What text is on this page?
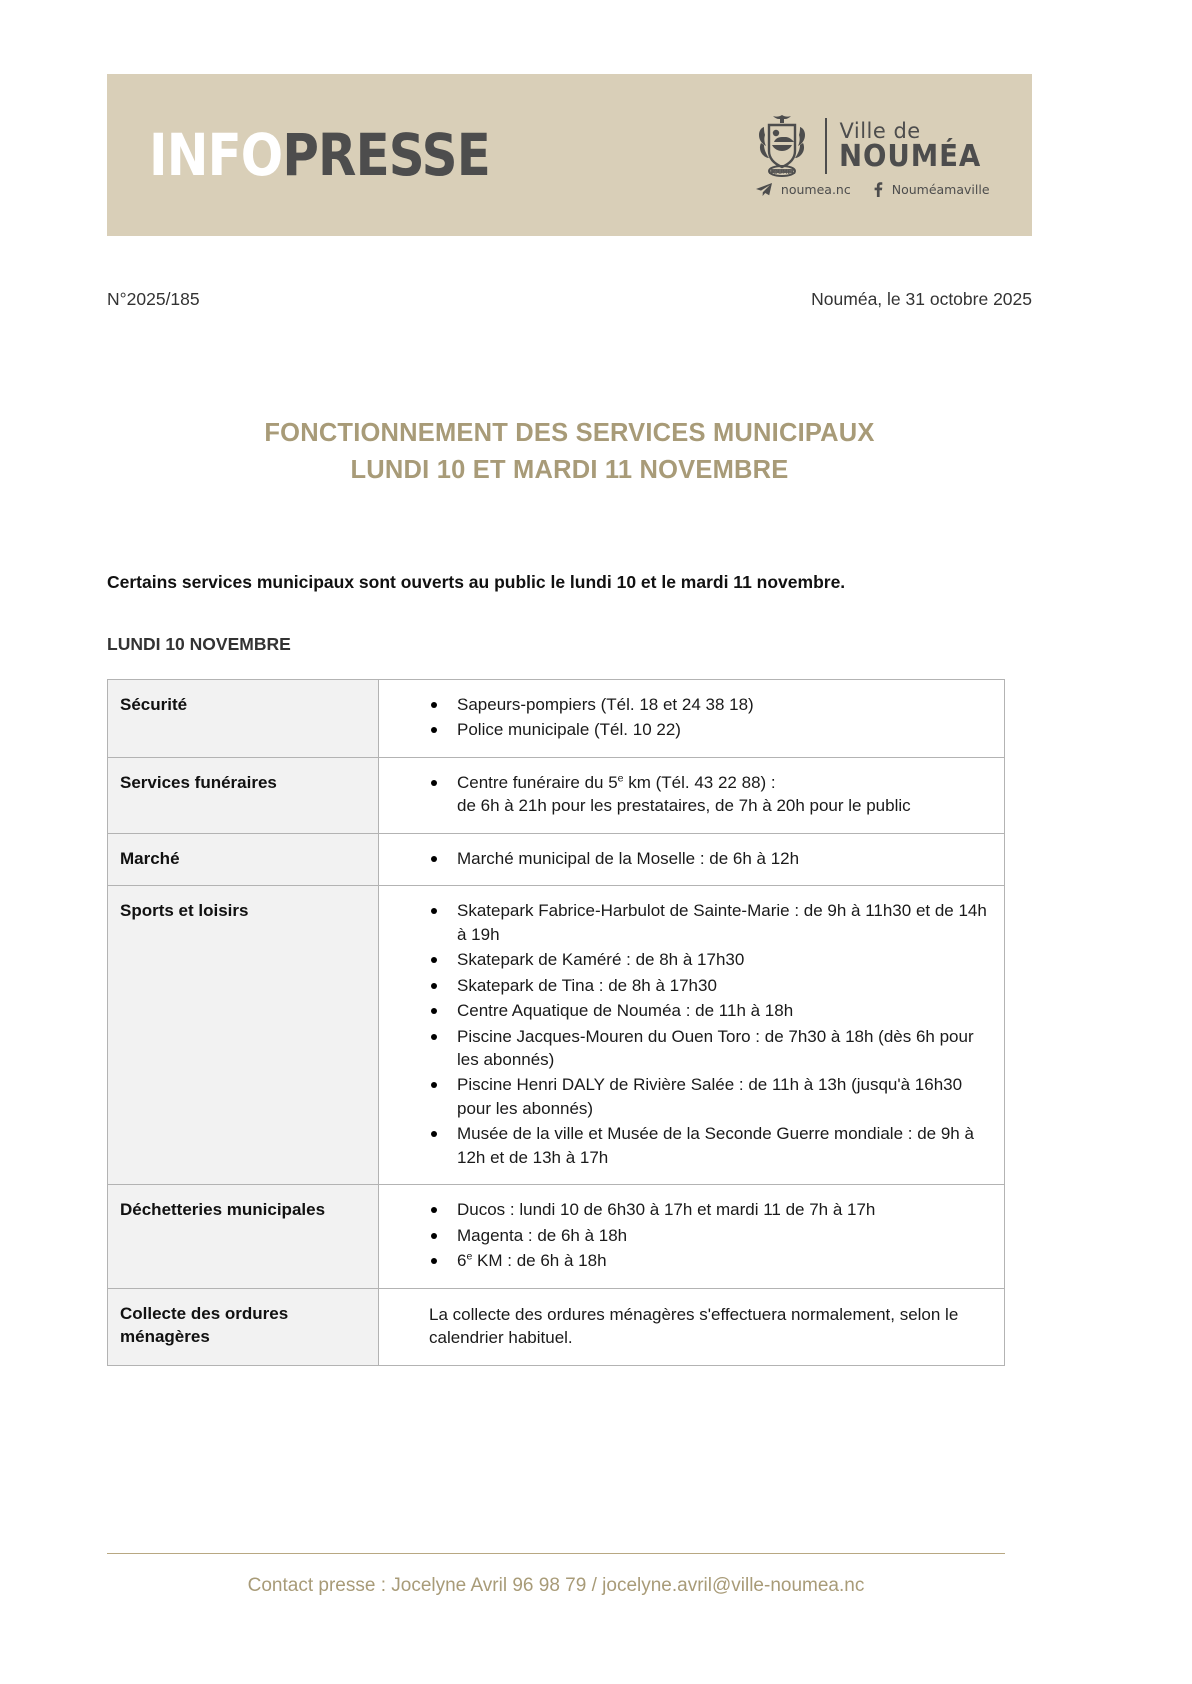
INFOPRESSE	NOUMEA
Ville de
NOUMÉA
noumea.nc	Nouméamaville
N°2025/185	Nouméa, le 31 octobre 2025
FONCTIONNEMENT DES SERVICES MUNICIPAUX
LUNDI 10 ET MARDI 11 NOVEMBRE
Certains services municipaux sont ouverts au public le lundi 10 et le mardi 11 novembre.
LUNDI 10 NOVEMBRE
Sécurité	Sapeurs-pompiers (Tél. 18 et 24 38 18)
Police municipale (Tél. 10 22)

Services funéraires	Centre funéraire du 5e km (Tél. 43 22 88) :
de 6h à 21h pour les prestataires, de 7h à 20h pour le public

Marché	Marché municipal de la Moselle : de 6h à 12h

Sports et loisirs	Skatepark Fabrice-Harbulot de Sainte-Marie : de 9h à 11h30 et de 14h à 19h
Skatepark de Kaméré : de 8h à 17h30
Skatepark de Tina : de 8h à 17h30
Centre Aquatique de Nouméa : de 11h à 18h
Piscine Jacques-Mouren du Ouen Toro : de 7h30 à 18h (dès 6h pour les abonnés)
Piscine Henri DALY de Rivière Salée : de 11h à 13h (jusqu'à 16h30 pour les abonnés)
Musée de la ville et Musée de la Seconde Guerre mondiale : de 9h à 12h et de 13h à 17h

Déchetteries municipales	Ducos : lundi 10 de 6h30 à 17h et mardi 11 de 7h à 17h
Magenta : de 6h à 18h
6e KM : de 6h à 18h

Collecte des ordures ménagères	La collecte des ordures ménagères s'effectuera normalement, selon le calendrier habituel.
Contact presse : Jocelyne Avril 96 98 79 / jocelyne.avril@ville-noumea.nc
